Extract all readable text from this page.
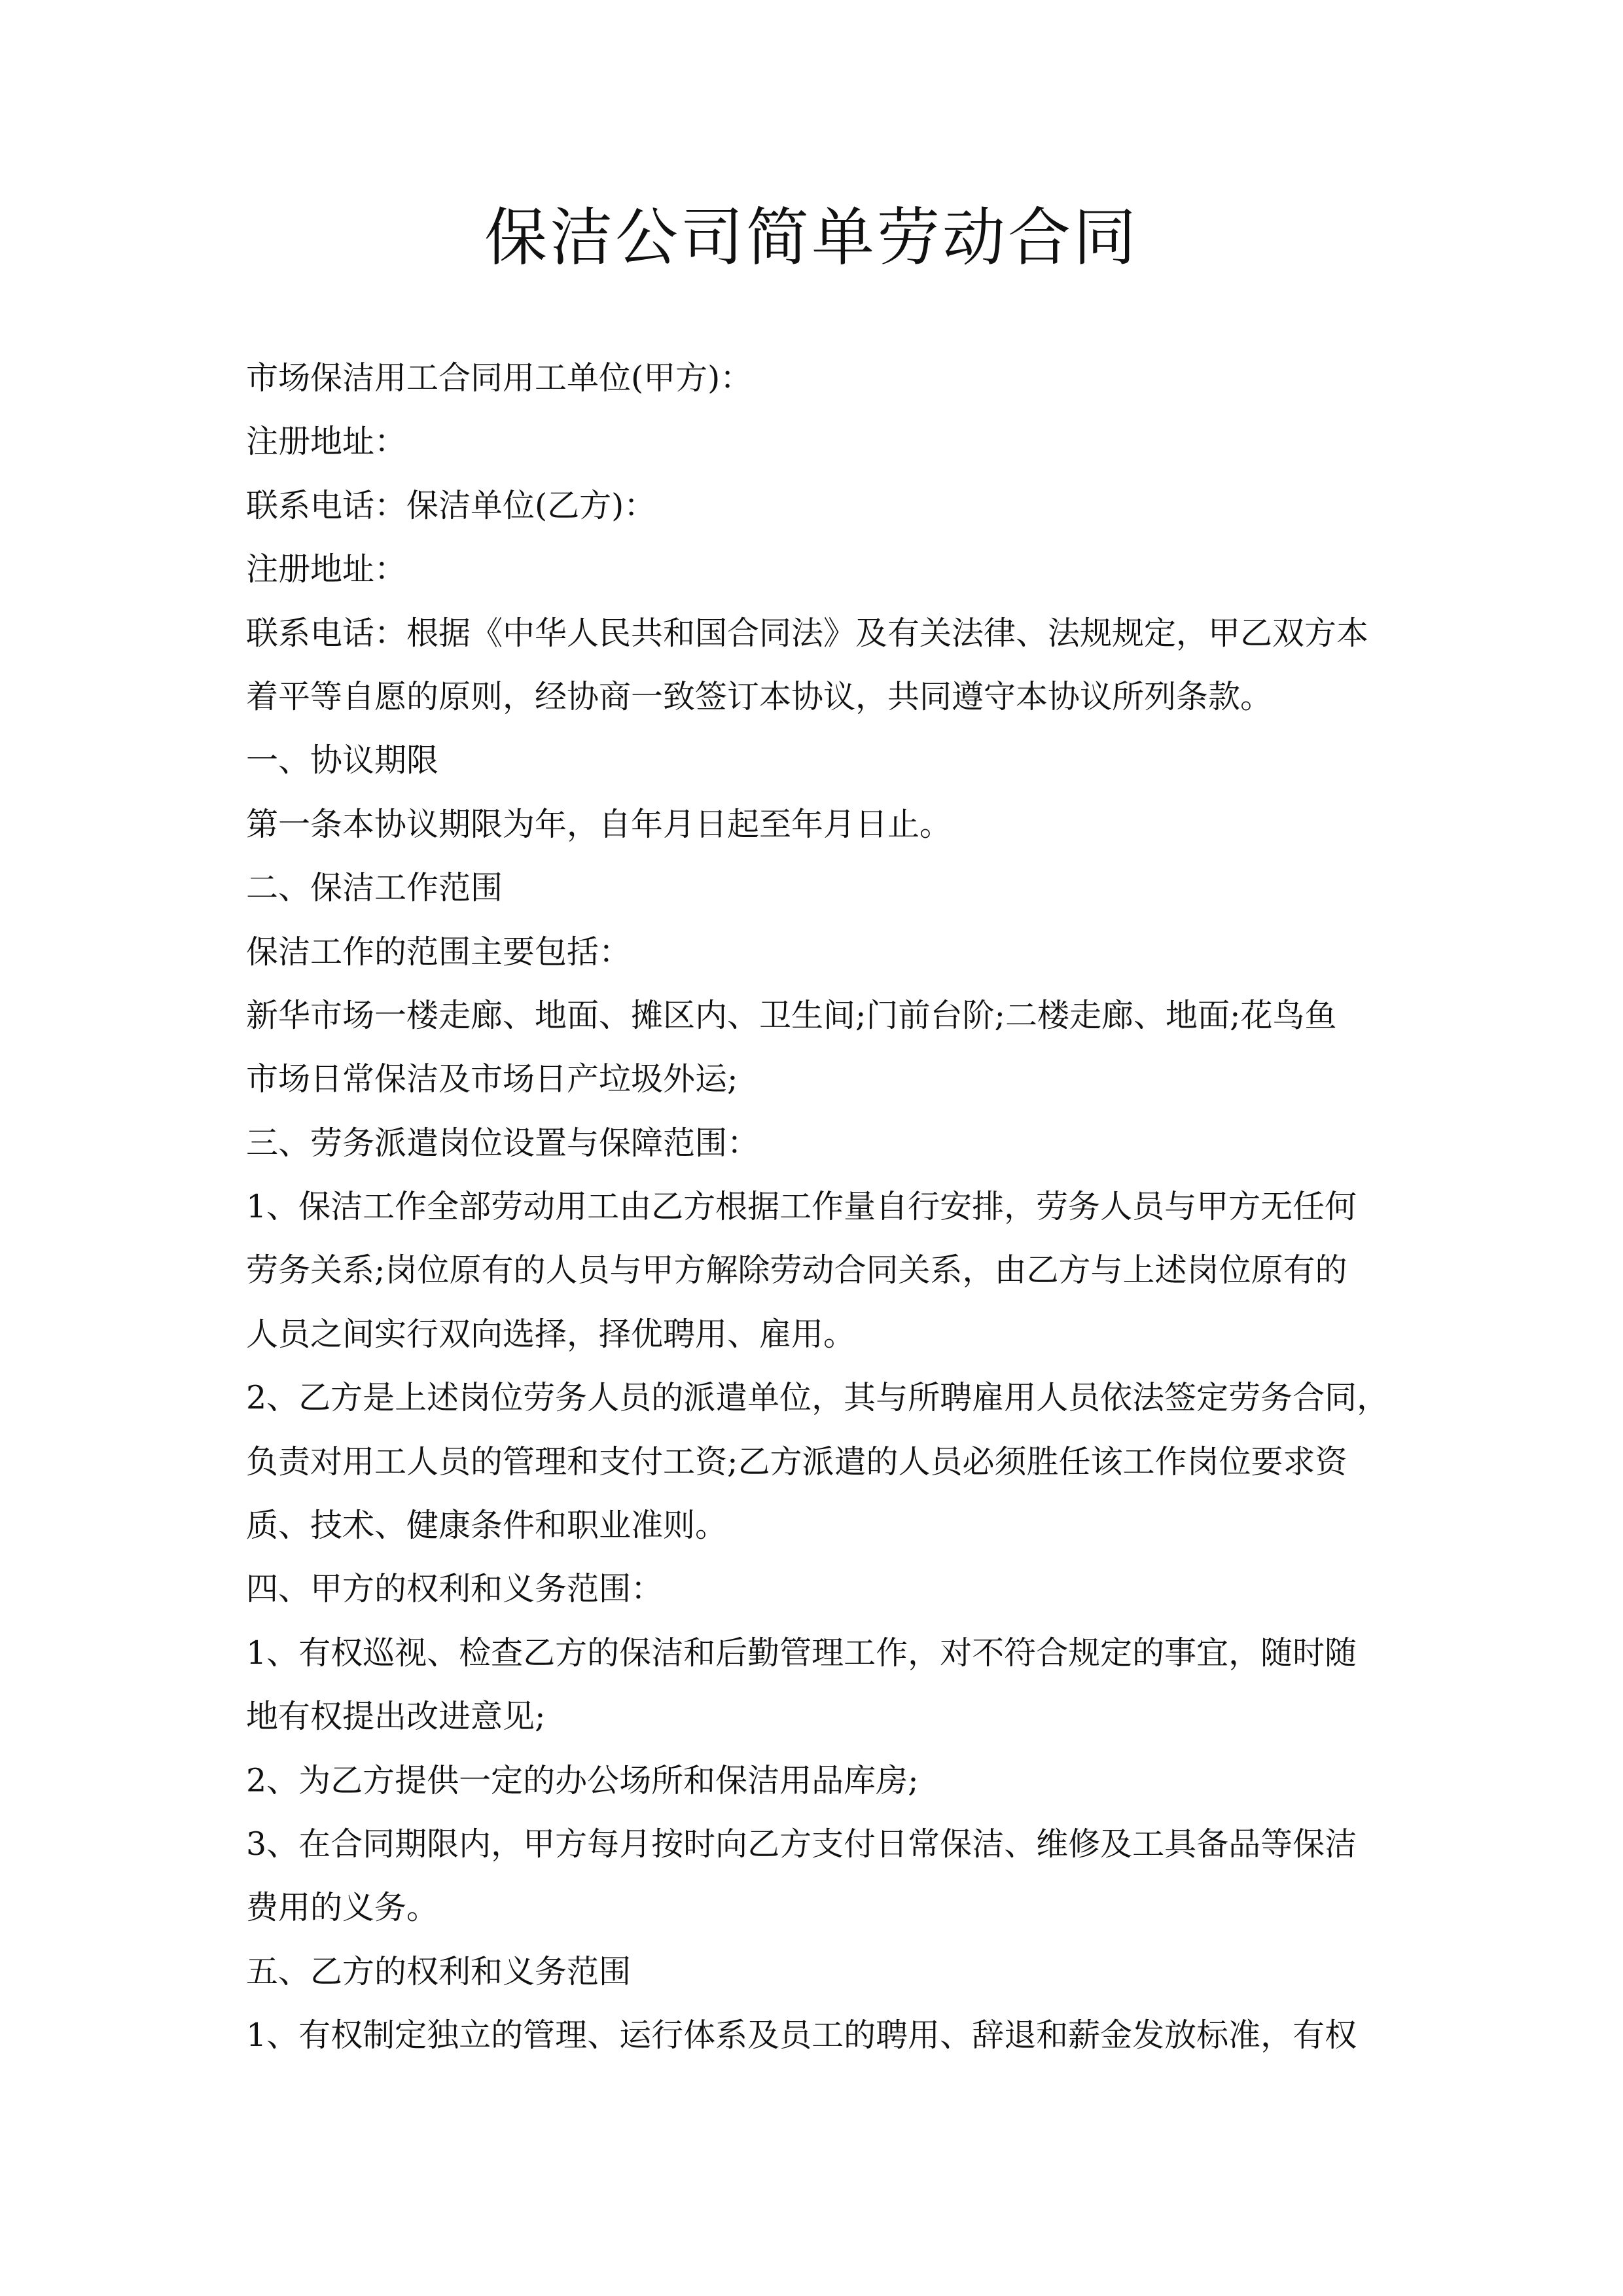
保洁公司简单劳动合同
市场保洁用工合同用工单位(甲方)：
注册地址：
联系电话：保洁单位(乙方)：
注册地址：
联系电话：根据《中华人民共和国合同法》及有关法律、法规规定，甲乙双方本
着平等自愿的原则，经协商一致签订本协议，共同遵守本协议所列条款。
一、协议期限
第一条本协议期限为年，自年月日起至年月日止。
二、保洁工作范围
保洁工作的范围主要包括：
新华市场一楼走廊、地面、摊区内、卫生间;门前台阶;二楼走廊、地面;花鸟鱼
市场日常保洁及市场日产垃圾外运;
三、劳务派遣岗位设置与保障范围：
1、保洁工作全部劳动用工由乙方根据工作量自行安排，劳务人员与甲方无任何
劳务关系;岗位原有的人员与甲方解除劳动合同关系，由乙方与上述岗位原有的
人员之间实行双向选择，择优聘用、雇用。
2、乙方是上述岗位劳务人员的派遣单位，其与所聘雇用人员依法签定劳务合同，
负责对用工人员的管理和支付工资;乙方派遣的人员必须胜任该工作岗位要求资
质、技术、健康条件和职业准则。
四、甲方的权利和义务范围：
1、有权巡视、检查乙方的保洁和后勤管理工作，对不符合规定的事宜，随时随
地有权提出改进意见;
2、为乙方提供一定的办公场所和保洁用品库房;
3、在合同期限内，甲方每月按时向乙方支付日常保洁、维修及工具备品等保洁
费用的义务。
五、乙方的权利和义务范围
1、有权制定独立的管理、运行体系及员工的聘用、辞退和薪金发放标准，有权
